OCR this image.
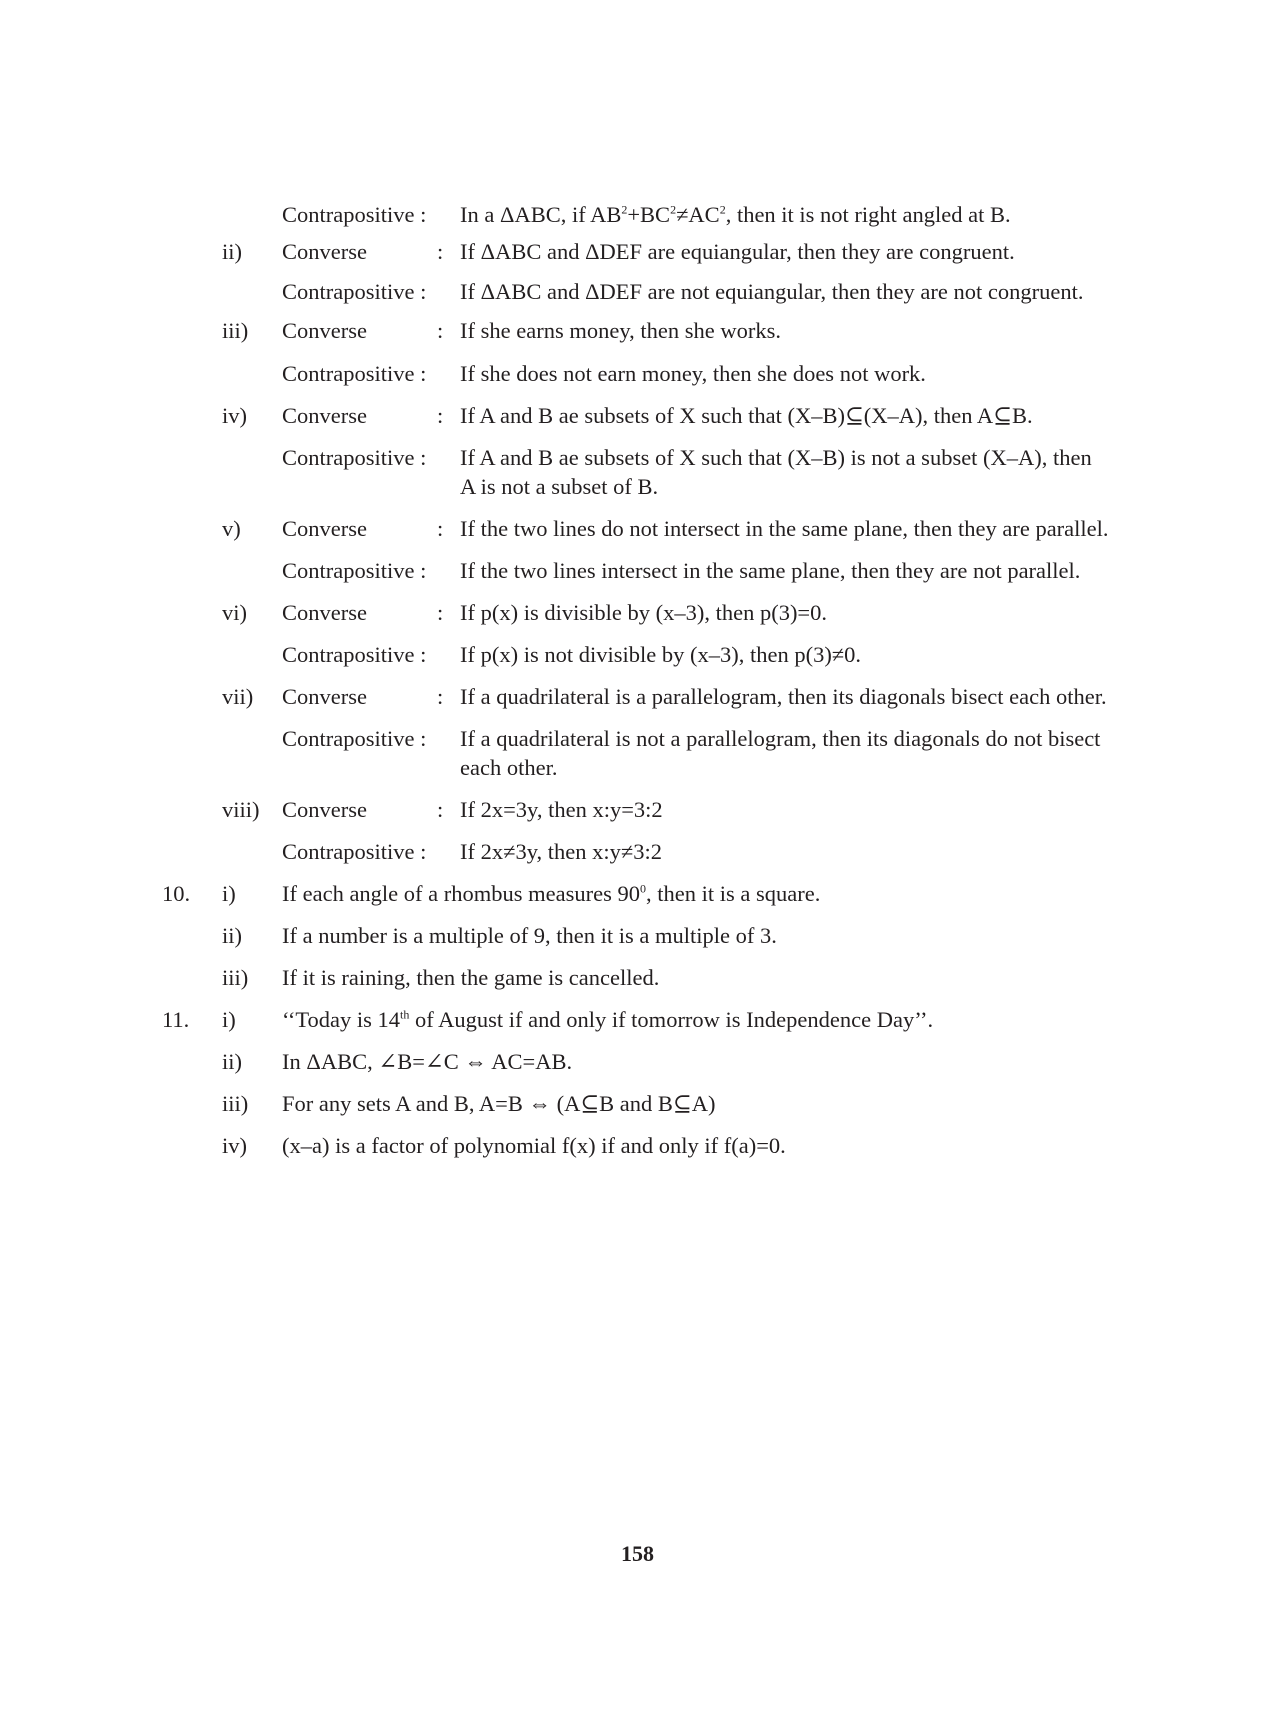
Contrapositive : In a ΔABC, if $AB^2+BC^2\ne AC^2$, then it is not right angled at B.
ii) Converse	: If ΔABC and ΔDEF are equiangular, then they are congruent.
Contrapositive : If ΔABC and ΔDEF are not equiangular, then they are not congruent.
iii) Converse	: If she earns money, then she works.
Contrapositive : If she does not earn money, then she does not work.
iv) Converse	: If A and B ae subsets of X such that (X–B)⊆(X–A), then A⊆B.
Contrapositive : If A and B ae subsets of X such that (X–B) is not a subset (X–A), then
A is not a subset of B.
v) Converse	: If the two lines do not intersect in the same plane, then they are parallel.
Contrapositive : If the two lines intersect in the same plane, then they are not parallel.
vi) Converse	: If p(x) is divisible by (x–3), then p(3)=0.
Contrapositive : If p(x) is not divisible by (x–3), then p(3)≠0.
vii) Converse	: If a quadrilateral is a parallelogram, then its diagonals bisect each other.
Contrapositive : If a quadrilateral is not a parallelogram, then its diagonals do not bisect
each other.
viii) Converse	: If 2x=3y, then x:y=3:2
Contrapositive : If 2x≠3y, then x:y≠3:2
10. i) If each angle of a rhombus measures $90^0$, then it is a square.
ii) If a number is a multiple of 9, then it is a multiple of 3.
iii) If it is raining, then the game is cancelled.
11. i) ‘‘Today is 14th of August if and only if tomorrow is Independence Day’’.
ii) In ΔABC, ∠B=∠C ⇔ AC=AB.
iii) For any sets A and B, A=B ⇔ (A⊆B and B⊆A)
iv) (x–a) is a factor of polynomial f(x) if and only if f(a)=0.
158
